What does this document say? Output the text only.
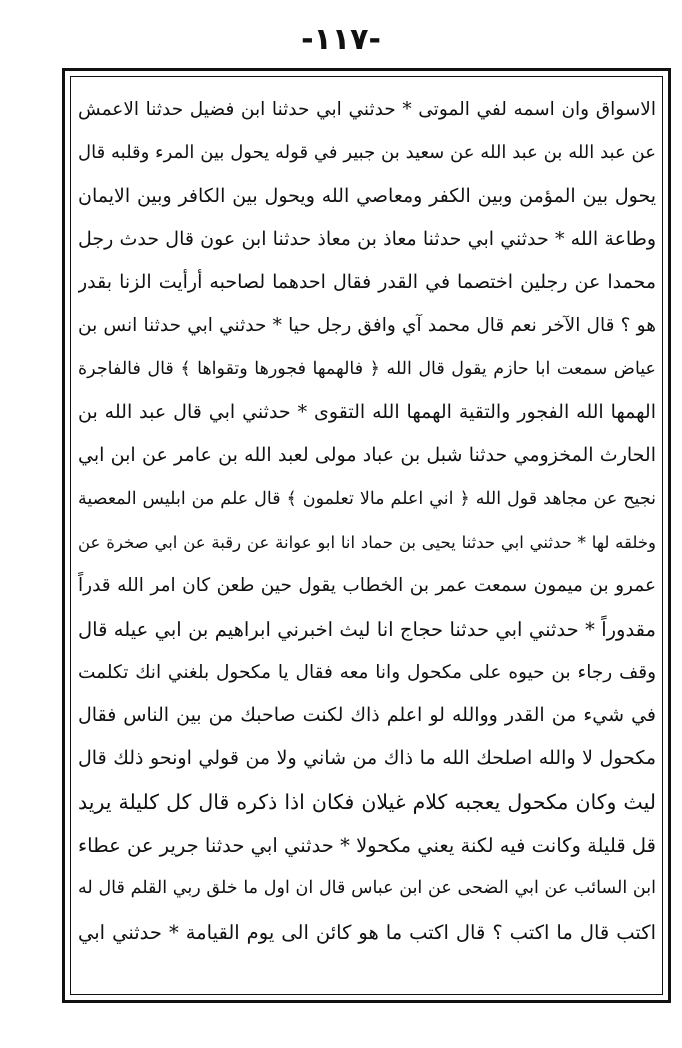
-١١٧-
الاسواق وان اسمه لفي الموتى * حدثني ابي حدثنا ابن فضيل حدثنا الاعمش
عن عبد الله بن عبد الله عن سعيد بن جبير في قوله يحول بين المرء وقلبه قال
يحول بين المؤمن وبين الكفر ومعاصي الله ويحول بين الكافر وبين الايمان
وطاعة الله * حدثني ابي حدثنا معاذ بن معاذ حدثنا ابن عون قال حدث رجل
محمدا عن رجلين اختصما في القدر فقال احدهما لصاحبه أرأيت الزنا بقدر
هو ؟ قال الآخر نعم قال محمد آي وافق رجل حيا * حدثني ابي حدثنا انس بن
عياض سمعت ابا حازم يقول قال الله ﴿ فالهمها فجورها وتقواها ﴾ قال فالفاجرة
الهمها الله الفجور والتقية الهمها الله التقوى * حدثني ابي قال عبد الله بن
الحارث المخزومي حدثنا شبل بن عباد مولى لعبد الله بن عامر عن ابن ابي
نجيح عن مجاهد قول الله ﴿ اني اعلم مالا تعلمون ﴾ قال علم من ابليس المعصية
وخلقه لها * حدثني ابي حدثنا يحيى بن حماد انا ابو عوانة عن رقبة عن ابي صخرة عن
عمرو بن ميمون سمعت عمر بن الخطاب يقول حين طعن كان امر الله قدراً
مقدوراً * حدثني ابي حدثنا حجاج انا ليث اخبرني ابراهيم بن ابي عيله قال
وقف رجاء بن حيوه على مكحول وانا معه فقال يا مكحول بلغني انك تكلمت
في شيء من القدر ووالله لو اعلم ذاك لكنت صاحبك من بين الناس فقال
مكحول لا والله اصلحك الله ما ذاك من شاني ولا من قولي اونحو ذلك قال
ليث وكان مكحول يعجبه كلام غيلان فكان اذا ذكره قال كل كليلة يريد
قل قليلة وكانت فيه لكنة يعني مكحولا * حدثني ابي حدثنا جرير عن عطاء
ابن السائب عن ابي الضحى عن ابن عباس قال ان اول ما خلق ربي القلم قال له
اكتب قال ما اكتب ؟ قال اكتب ما هو كائن الى يوم القيامة * حدثني ابي
